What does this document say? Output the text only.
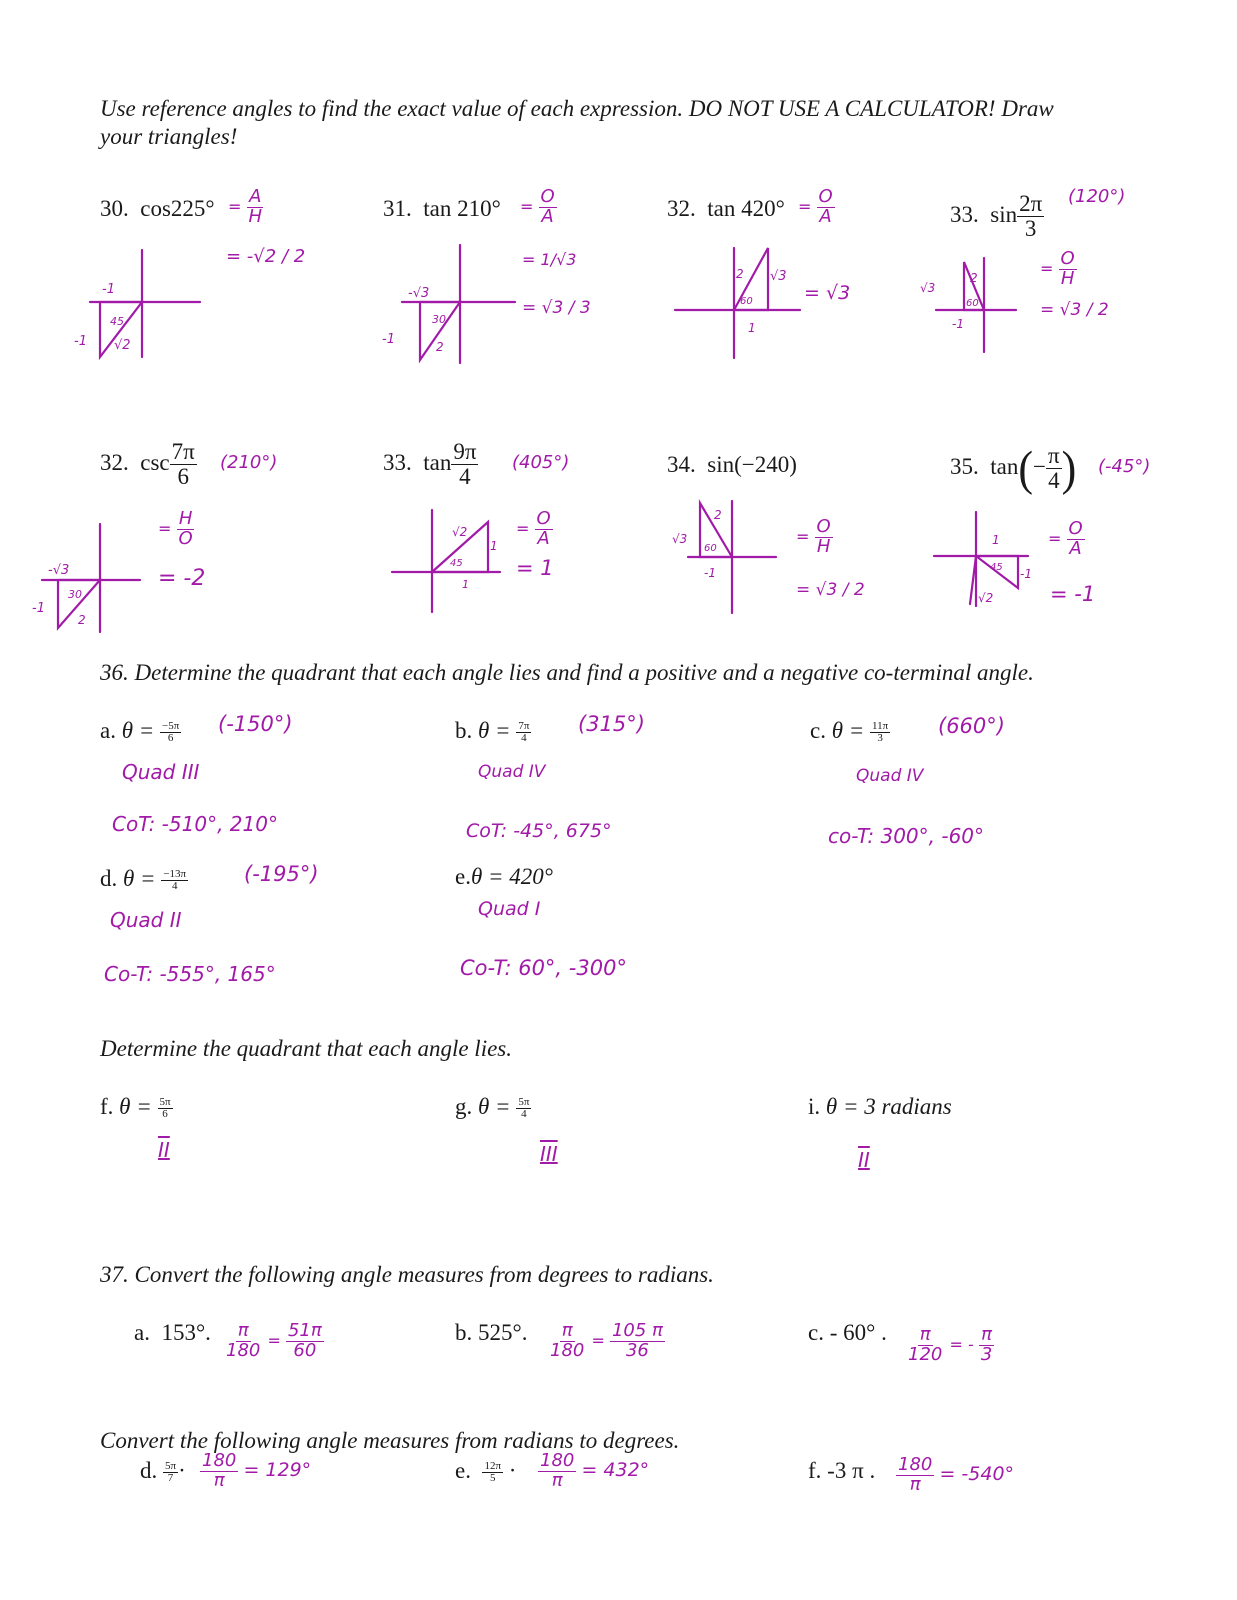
Use reference angles to find the exact value of each expression. DO NOT USE A CALCULATOR! Draw
your triangles!
30. $\cos 225^\circ = \frac{A}{H}$
= -√2 / 2
-1
-1
45
√2
31. $\tan 210^\circ = \frac{O}{A}$
= 1/√3
= √3 / 3
-√3
-1
30
2
32. $\tan 420^\circ = \frac{O}{A}$
= √3
2 √3
60
1
33. $\sin \frac{2\pi}{3} (120^\circ)$
= $\frac{O}{H}$
= √3 / 2
√3
2
60
-1
32. $\csc \frac{7\pi}{6} (210^\circ)$
= $\frac{H}{O}$
= -2
-√3
-1
30
2
33. $\tan \frac{9\pi}{4} (405^\circ)$
= $\frac{O}{A}$
= 1
√2
1
45
1
34. sin(−240)
= $\frac{O}{H}$
= √3 / 2
√3
2
60
-1
35. $\tan(- \frac{\pi}{4}$ ) (-45°)
= $\frac{O}{A}$
= -1
1
-1
45
√2
36. Determine the quadrant that each angle lies and find a positive and a negative co-terminal angle.
a. $\theta = \frac{-5\pi}{6} (-150^\circ)$
Quad III
CoT: -510°, 210°
b. $\theta = \frac{7\pi}{4} (315^\circ)$
Quad IV
CoT: -45°, 675°
c. $\theta = \frac{11\pi}{3} (660^\circ)$
Quad IV
co-T: 300°, -60°
d. $\theta = \frac{-13\pi}{4}$	(-195°)
Quad II
Co-T: -555°, 165°
e.θ = 420°
Quad I
Co-T: 60°, -300°
Determine the quadrant that each angle lies.
f. $\theta = \frac{5\pi}{6}$
II
g. $\theta = \frac{5\pi}{4}$
III
i. θ = 3 radians
II
37. Convert the following angle measures from degrees to radians.
a. 153°. $\frac{\pi}{180} = \frac{51\pi}{60}$	b. 525°. $\frac{\pi}{180} = \frac{105 \pi}{36}$	c. - 60° . $\frac{\pi}{120}$ = - $\frac{\pi}{3}$
Convert the following angle measures from radians to degrees.
d. $\frac{5\pi}{7} \cdot \frac{180}{\pi} = 129^\circ$	e. $\frac{12\pi}{5} \cdot \frac{180}{\pi} = 432^\circ$	f. -3 π . $\frac{180}{\pi} = -540^\circ$
